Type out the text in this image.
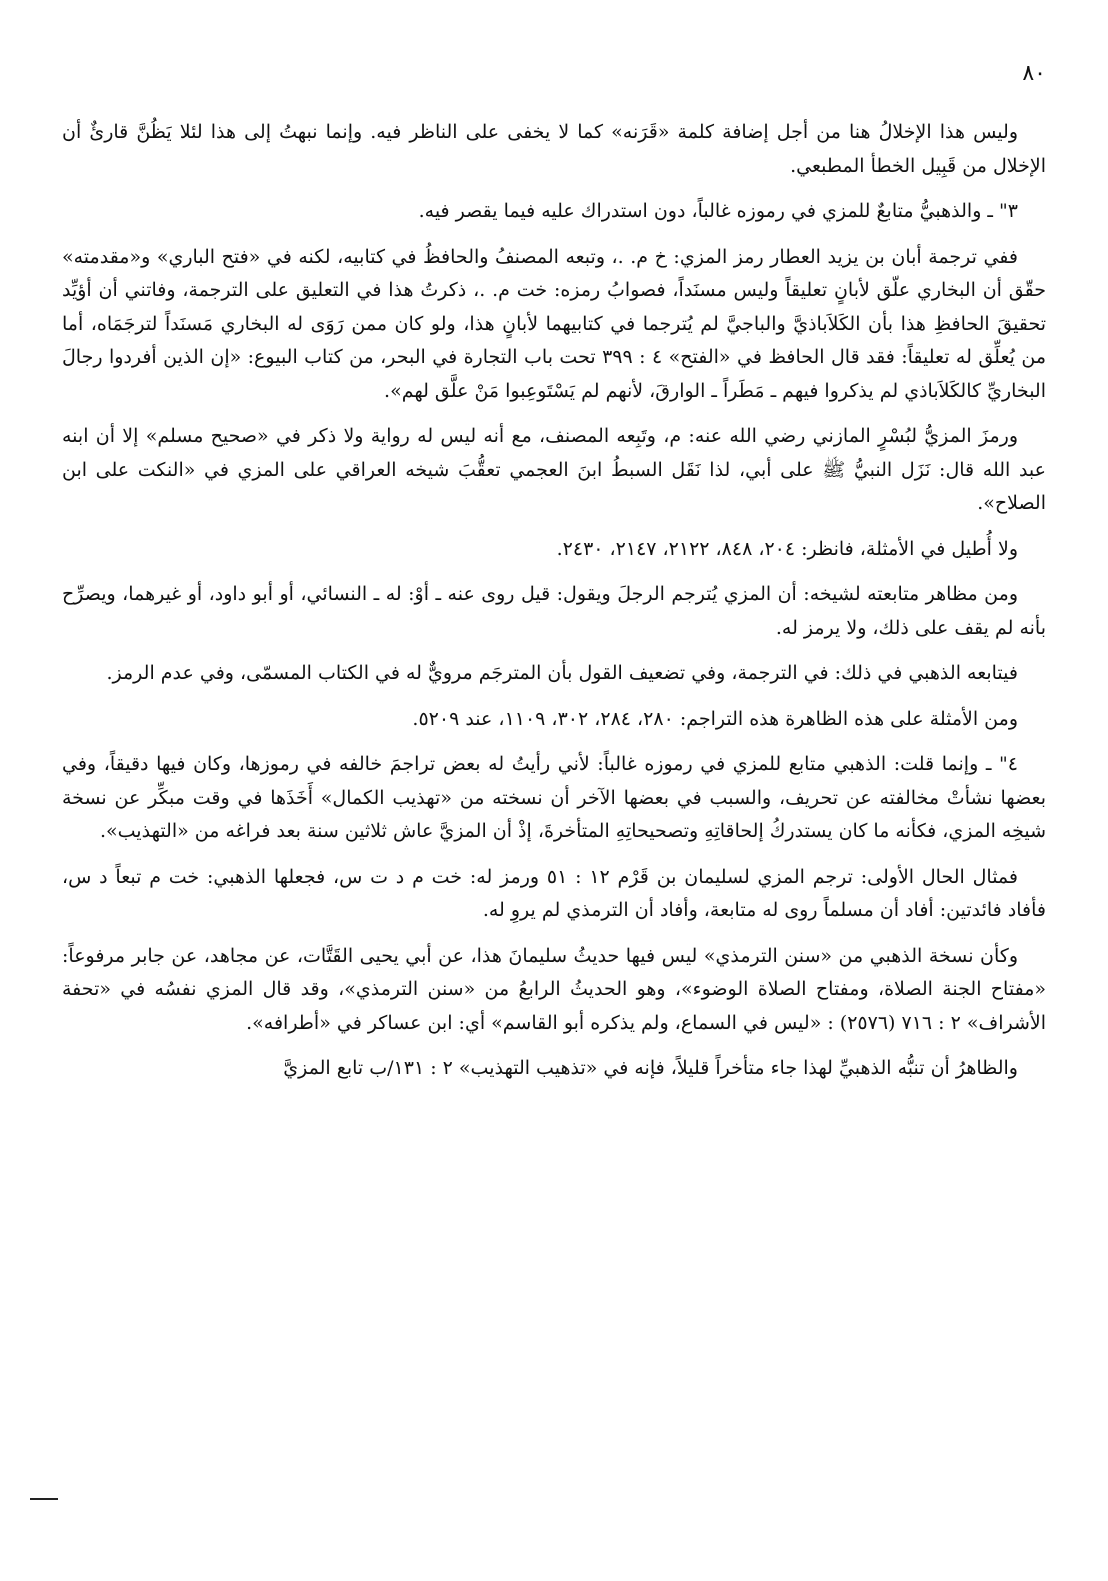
٨٠

وليس هذا الإخلالُ هنا من أجل إضافة كلمة «قَرَنه» كما لا يخفى على الناظر فيه. وإنما نبهتُ إلى هذا لئلا يَظُنَّ قارئٌ أن الإخلال من قَبِيل الخطأ المطبعي.

٣" ـ والذهبيُّ متابعٌ للمزي في رموزه غالباً، دون استدراك عليه فيما يقصر فيه.

ففي ترجمة أبان بن يزيد العطار رمز المزي: خ م. .، وتبعه المصنفُ والحافظُ في كتابيه، لكنه في «فتح الباري» و«مقدمته» حقّق أن البخاري علّق لأبانٍ تعليقاً وليس مسنَداً، فصوابُ رمزه: خت م. .، ذكرتُ هذا في التعليق على الترجمة، وفاتني أن أؤيِّد تحقيقَ الحافظِ هذا بأن الكَلاَباذيَّ والباجيَّ لم يُترجما في كتابيهما لأبانٍ هذا، ولو كان ممن رَوَى له البخاري مَسنَداً لترجَمَاه، أما من يُعلِّق له تعليقاً: فقد قال الحافظ في «الفتح» ٤ : ٣٩٩ تحت باب التجارة في البحر، من كتاب البيوع: «إن الذين أفردوا رجالَ البخاريِّ كالكَلاَباذي لم يذكروا فيهم ـ مَطَراً ـ الوارقَ، لأنهم لم يَسْتَوعِبوا مَنْ علَّق لهم».

ورمزَ المزيُّ لبُسْرٍ المازني رضي الله عنه: م، وتَبِعه المصنف، مع أنه ليس له رواية ولا ذكر في «صحيح مسلم» إلا أن ابنه عبد الله قال: نَزَل النبيُّ ﷺ على أبي، لذا نَقَل السبطُ ابنَ العجمي تعقُّبَ شيخه العراقي على المزي في «النكت على ابن الصلاح».

ولا أُطيل في الأمثلة، فانظر: ٢٠٤، ٨٤٨، ٢١٢٢، ٢١٤٧، ٢٤٣٠.

ومن مظاهر متابعته لشيخه: أن المزي يُترجم الرجلَ ويقول: قيل روى عنه ـ أوْ: له ـ النسائي، أو أبو داود، أو غيرهما، ويصرِّح بأنه لم يقف على ذلك، ولا يرمز له.

فيتابعه الذهبي في ذلك: في الترجمة، وفي تضعيف القول بأن المترجَم مرويٌّ له في الكتاب المسمّى، وفي عدم الرمز.

ومن الأمثلة على هذه الظاهرة هذه التراجم: ٢٨٠، ٢٨٤، ٣٠٢، ١١٠٩، عند ٥٢٠٩.

٤" ـ وإنما قلت: الذهبي متابع للمزي في رموزه غالباً: لأني رأيتُ له بعض تراجمَ خالفه في رموزها، وكان فيها دقيقاً، وفي بعضها نشأتْ مخالفته عن تحريف، والسبب في بعضها الآخر أن نسخته من «تهذيب الكمال» أَخَذَها في وقت مبكِّر عن نسخة شيخِه المزي، فكأنه ما كان يستدركُ إلحاقاتِهِ وتصحيحاتِهِ المتأخرةَ، إذْ أن المزيَّ عاش ثلاثين سنة بعد فراغه من «التهذيب».

فمثال الحال الأولى: ترجم المزي لسليمان بن قَرْم ١٢ : ٥١ ورمز له: خت م د ت س، فجعلها الذهبي: خت م تبعاً د س، فأفاد فائدتين: أفاد أن مسلماً روى له متابعة، وأفاد أن الترمذي لم يروِ له.

وكأن نسخة الذهبي من «سنن الترمذي» ليس فيها حديثُ سليمانَ هذا، عن أبي يحيى القَتَّات، عن مجاهد، عن جابر مرفوعاً: «مفتاح الجنة الصلاة، ومفتاح الصلاة الوضوء»، وهو الحديثُ الرابعُ من «سنن الترمذي»، وقد قال المزي نفسُه في «تحفة الأشراف» ٢ : ٧١٦ (٢٥٧٦) : «ليس في السماع، ولم يذكره أبو القاسم» أي: ابن عساكر في «أطرافه».

والظاهرُ أن تنبُّه الذهبيِّ لهذا جاء متأخراً قليلاً، فإنه في «تذهيب التهذيب» ٢ : ١٣١/ب تابع المزيَّ
